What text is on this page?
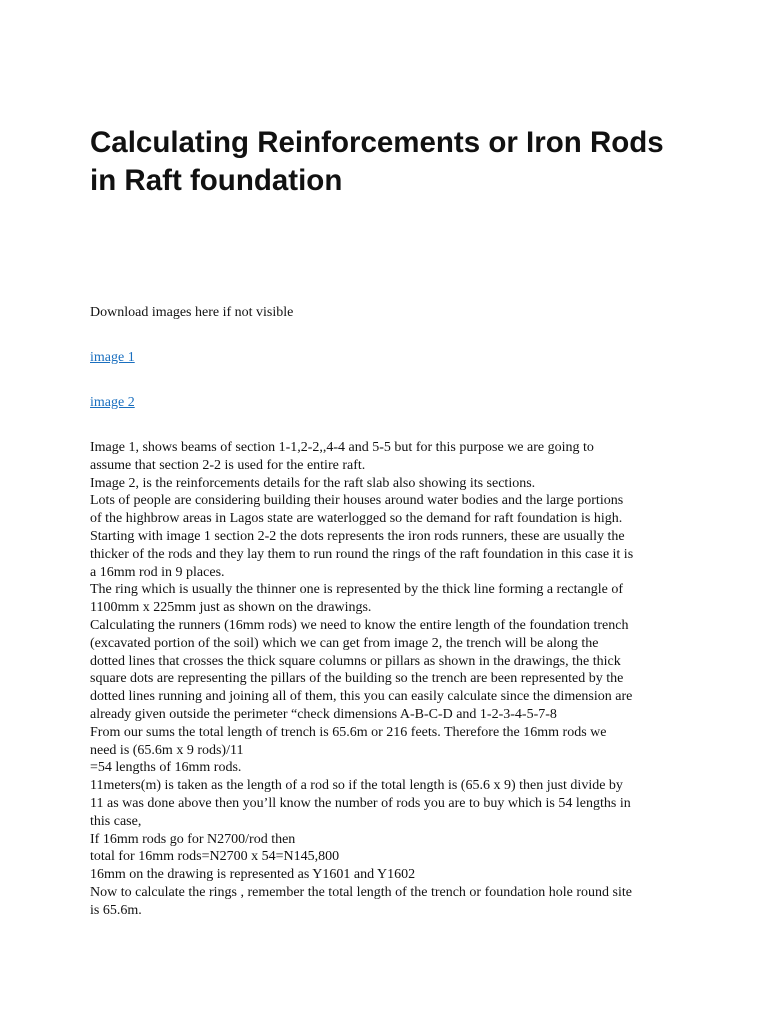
Calculating Reinforcements or Iron Rods
in Raft foundation

Download images here if not visible

image 1
image 2
Image 1, shows beams of section 1-1,2-2,,4-4 and 5-5 but for this purpose we are going to
assume that section 2-2 is used for the entire raft.
Image 2, is the reinforcements details for the raft slab also showing its sections.
Lots of people are considering building their houses around water bodies and the large portions
of the highbrow areas in Lagos state are waterlogged so the demand for raft foundation is high.
Starting with image 1 section 2-2 the dots represents the iron rods runners, these are usually the
thicker of the rods and they lay them to run round the rings of the raft foundation in this case it is
a 16mm rod in 9 places.
The ring which is usually the thinner one is represented by the thick line forming a rectangle of
1100mm x 225mm just as shown on the drawings.
Calculating the runners (16mm rods) we need to know the entire length of the foundation trench
(excavated portion of the soil) which we can get from image 2, the trench will be along the
dotted lines that crosses the thick square columns or pillars as shown in the drawings, the thick
square dots are representing the pillars of the building so the trench are been represented by the
dotted lines running and joining all of them, this you can easily calculate since the dimension are
already given outside the perimeter “check dimensions A-B-C-D and 1-2-3-4-5-7-8
From our sums the total length of trench is 65.6m or 216 feets. Therefore the 16mm rods we
need is (65.6m x 9 rods)/11
=54 lengths of 16mm rods.
11meters(m) is taken as the length of a rod so if the total length is (65.6 x 9) then just divide by
11 as was done above then you’ll know the number of rods you are to buy which is 54 lengths in
this case,
If 16mm rods go for N2700/rod then
total for 16mm rods=N2700 x 54=N145,800
16mm on the drawing is represented as Y1601 and Y1602
Now to calculate the rings , remember the total length of the trench or foundation hole round site
is 65.6m.
